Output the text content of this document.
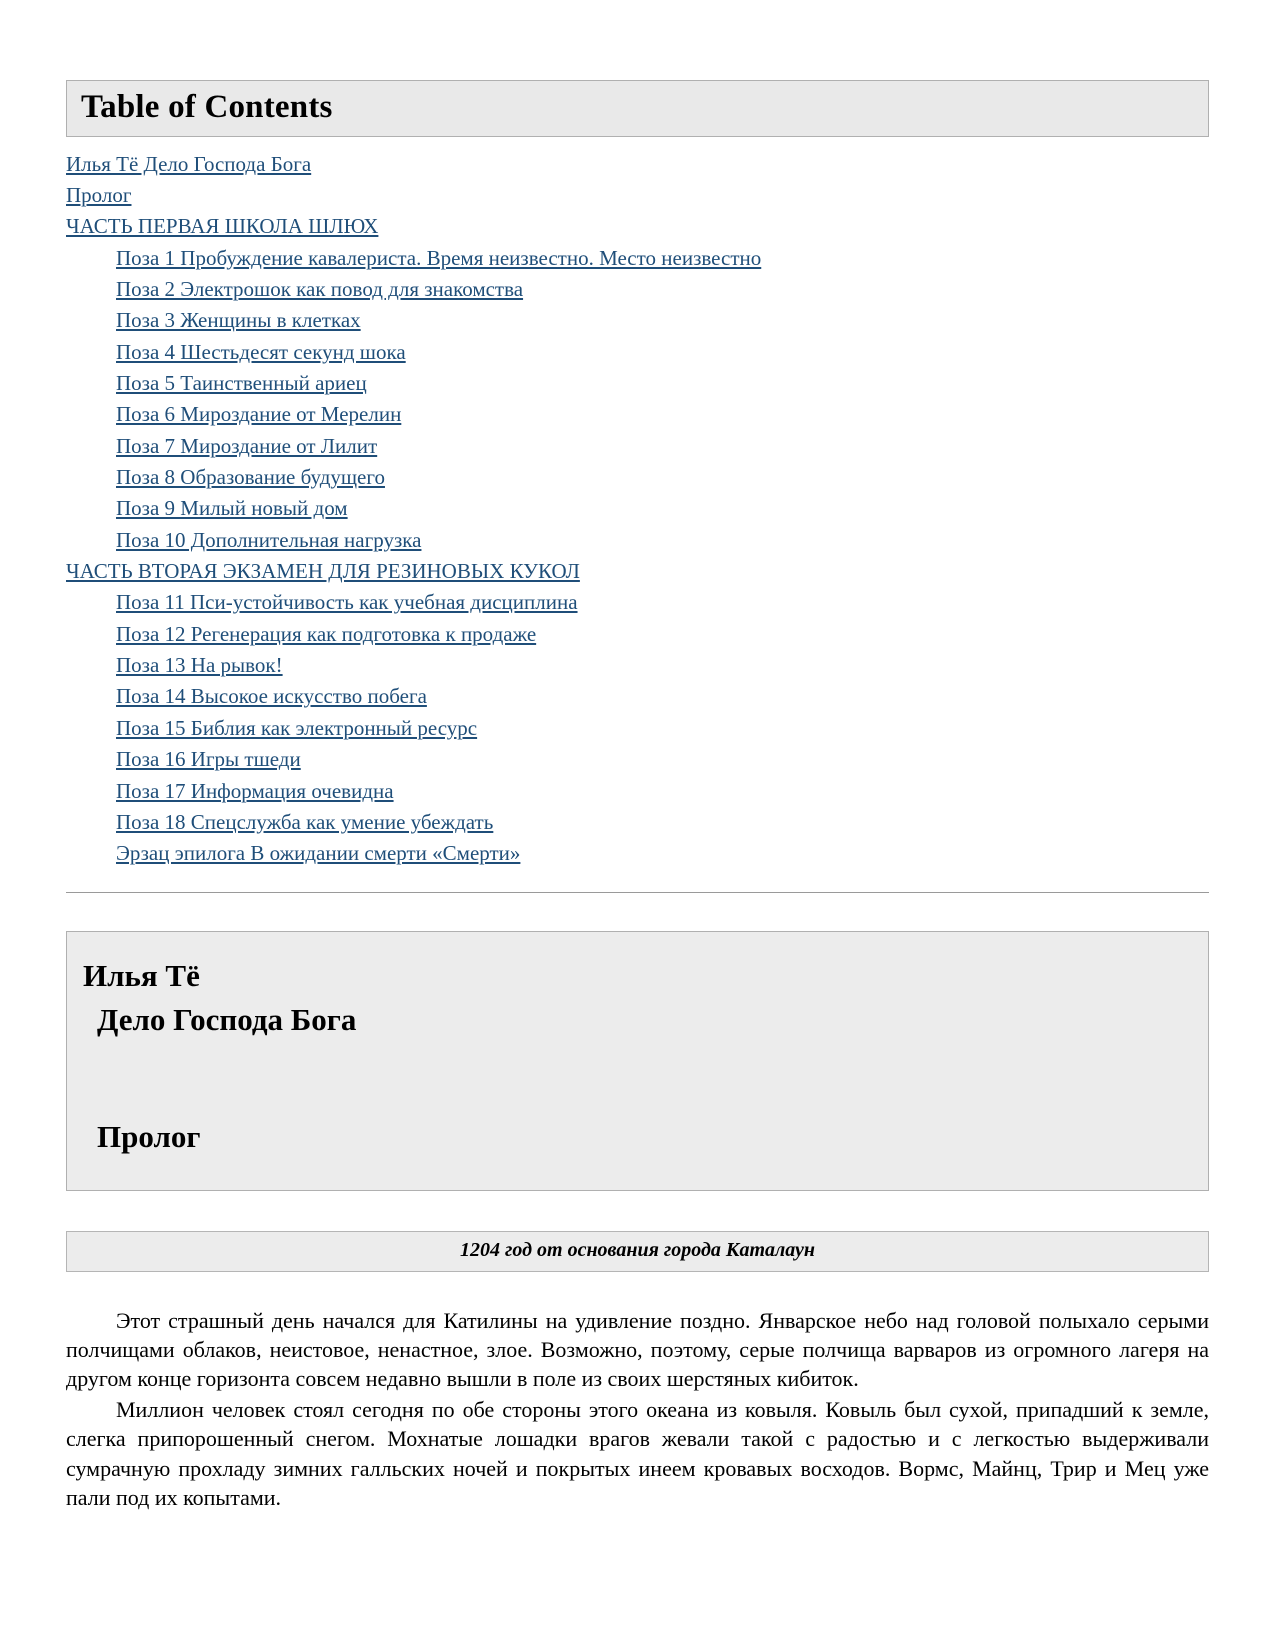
Table of Contents
Илья Тё Дело Господа Бога
Пролог
ЧАСТЬ ПЕРВАЯ ШКОЛА ШЛЮХ
Поза 1 Пробуждение кавалериста. Время неизвестно. Место неизвестно
Поза 2 Электрошок как повод для знакомства
Поза 3 Женщины в клетках
Поза 4 Шестьдесят секунд шока
Поза 5 Таинственный ариец
Поза 6 Мироздание от Мерелин
Поза 7 Мироздание от Лилит
Поза 8 Образование будущего
Поза 9 Милый новый дом
Поза 10 Дополнительная нагрузка
ЧАСТЬ ВТОРАЯ ЭКЗАМЕН ДЛЯ РЕЗИНОВЫХ КУКОЛ
Поза 11 Пси-устойчивость как учебная дисциплина
Поза 12 Регенерация как подготовка к продаже
Поза 13 На рывок!
Поза 14 Высокое искусство побега
Поза 15 Библия как электронный ресурс
Поза 16 Игры тшеди
Поза 17 Информация очевидна
Поза 18 Спецслужба как умение убеждать
Эрзац эпилога В ожидании смерти «Смерти»
Илья Тё
Дело Господа Бога
Пролог
1204 год от основания города Каталаун

Этот страшный день начался для Катилины на удивление поздно. Январское небо над головой полыхало серыми полчищами облаков, неистовое, ненастное, злое. Возможно, поэтому, серые полчища варваров из огромного лагеря на другом конце горизонта совсем недавно вышли в поле из своих шерстяных кибиток.

Миллион человек стоял сегодня по обе стороны этого океана из ковыля. Ковыль был сухой, припадший к земле, слегка припорошенный снегом. Мохнатые лошадки врагов жевали такой с радостью и с легкостью выдерживали сумрачную прохладу зимних галльских ночей и покрытых инеем кровавых восходов. Вормс, Майнц, Трир и Мец уже пали под их копытами.
